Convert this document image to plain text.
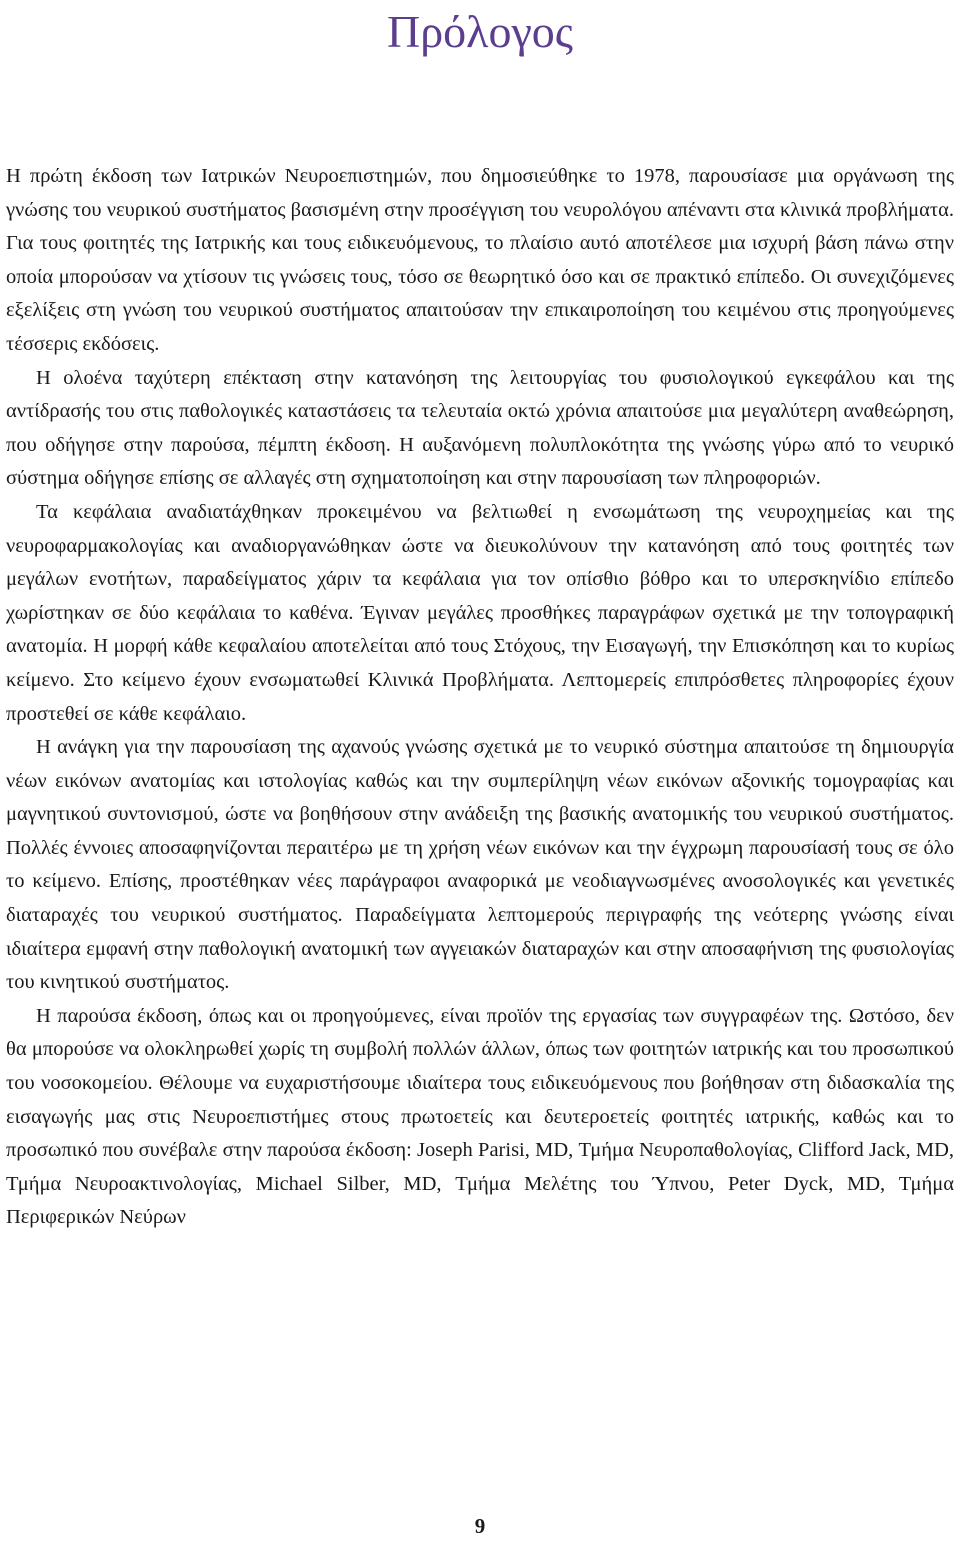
Πρόλογος

Η πρώτη έκδοση των Ιατρικών Νευροεπιστημών, που δημοσιεύθηκε το 1978, παρουσίασε μια οργάνωση της γνώσης του νευρικού συστήματος βασισμένη στην προσέγγιση του νευρολόγου απέναντι στα κλινικά προβλήματα. Για τους φοιτητές της Ιατρικής και τους ειδικευόμενους, το πλαίσιο αυτό αποτέλεσε μια ισχυρή βάση πάνω στην οποία μπορούσαν να χτίσουν τις γνώσεις τους, τόσο σε θεωρητικό όσο και σε πρακτικό επίπεδο. Οι συνεχιζόμενες εξελίξεις στη γνώση του νευρικού συστήματος απαιτούσαν την επικαιροποίηση του κειμένου στις προηγούμενες τέσσερις εκδόσεις.

Η ολοένα ταχύτερη επέκταση στην κατανόηση της λειτουργίας του φυσιολογικού εγκεφάλου και της αντίδρασής του στις παθολογικές καταστάσεις τα τελευταία οκτώ χρόνια απαιτούσε μια μεγαλύτερη αναθεώρηση, που οδήγησε στην παρούσα, πέμπτη έκδοση. Η αυξανόμενη πολυπλοκότητα της γνώσης γύρω από το νευρικό σύστημα οδήγησε επίσης σε αλλαγές στη σχηματοποίηση και στην παρουσίαση των πληροφοριών.

Τα κεφάλαια αναδιατάχθηκαν προκειμένου να βελτιωθεί η ενσωμάτωση της νευροχημείας και της νευροφαρμακολογίας και αναδιοργανώθηκαν ώστε να διευκολύνουν την κατανόηση από τους φοιτητές των μεγάλων ενοτήτων, παραδείγματος χάριν τα κεφάλαια για τον οπίσθιο βόθρο και το υπερσκηνίδιο επίπεδο χωρίστηκαν σε δύο κεφάλαια το καθένα. Έγιναν μεγάλες προσθήκες παραγράφων σχετικά με την τοπογραφική ανατομία. Η μορφή κάθε κεφαλαίου αποτελείται από τους Στόχους, την Εισαγωγή, την Επισκόπηση και το κυρίως κείμενο. Στο κείμενο έχουν ενσωματωθεί Κλινικά Προβλήματα. Λεπτομερείς επιπρόσθετες πληροφορίες έχουν προστεθεί σε κάθε κεφάλαιο.

Η ανάγκη για την παρουσίαση της αχανούς γνώσης σχετικά με το νευρικό σύστημα απαιτούσε τη δημιουργία νέων εικόνων ανατομίας και ιστολογίας καθώς και την συμπερίληψη νέων εικόνων αξονικής τομογραφίας και μαγνητικού συντονισμού, ώστε να βοηθήσουν στην ανάδειξη της βασικής ανατομικής του νευρικού συστήματος. Πολλές έννοιες αποσαφηνίζονται περαιτέρω με τη χρήση νέων εικόνων και την έγχρωμη παρουσίασή τους σε όλο το κείμενο. Επίσης, προστέθηκαν νέες παράγραφοι αναφορικά με νεοδιαγνωσμένες ανοσολογικές και γενετικές διαταραχές του νευρικού συστήματος. Παραδείγματα λεπτομερούς περιγραφής της νεότερης γνώσης είναι ιδιαίτερα εμφανή στην παθολογική ανατομική των αγγειακών διαταραχών και στην αποσαφήνιση της φυσιολογίας του κινητικού συστήματος.

Η παρούσα έκδοση, όπως και οι προηγούμενες, είναι προϊόν της εργασίας των συγγραφέων της. Ωστόσο, δεν θα μπορούσε να ολοκληρωθεί χωρίς τη συμβολή πολλών άλλων, όπως των φοιτητών ιατρικής και του προσωπικού του νοσοκομείου. Θέλουμε να ευχαριστήσουμε ιδιαίτερα τους ειδικευόμενους που βοήθησαν στη διδασκαλία της εισαγωγής μας στις Νευροεπιστήμες στους πρωτοετείς και δευτεροετείς φοιτητές ιατρικής, καθώς και το προσωπικό που συνέβαλε στην παρούσα έκδοση: Joseph Parisi, MD, Τμήμα Νευροπαθολογίας, Clifford Jack, MD, Τμήμα Νευροακτινολογίας, Michael Silber, MD, Τμήμα Μελέτης του Ύπνου, Peter Dyck, MD, Τμήμα Περιφερικών Νεύρων

9
